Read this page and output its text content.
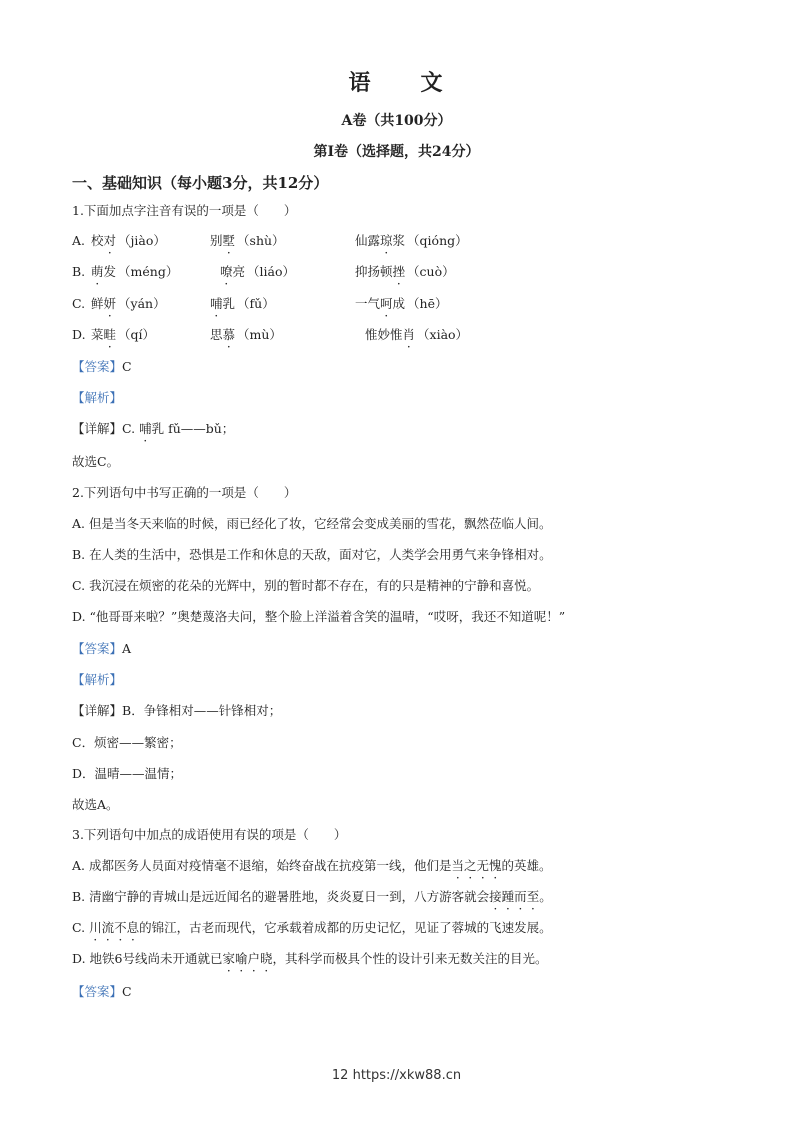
语　　文
A卷（共100分）
第Ⅰ卷（选择题，共24分）
一、基础知识（每小题3分，共12分）
1.下面加点字注音有误的一项是（　　）
A. 校对 （jiào）	别墅 （shù）	仙露琼浆 （qióng）
B. 萌发 （méng）	嘹亮 （liáo）	抑扬顿挫 （cuò）
C. 鲜妍 （yán）	哺乳 （fǔ）	一气呵成 （hē）
D. 菜畦 （qí）	思慕 （mù）	惟妙惟肖 （xiào）
【答案】C
【解析】
【详解】C. 哺乳 fǔ——bǔ；
故选C。
2.下列语句中书写正确的一项是（　　）
A. 但是当冬天来临的时候，雨已经化了妆，它经常会变成美丽的雪花，飘然莅临人间。
B. 在人类的生活中，恐惧是工作和休息的天敌，面对它，人类学会用勇气来争锋相对。
C. 我沉浸在烦密的花朵的光辉中，别的暂时都不存在，有的只是精神的宁静和喜悦。
D. “他哥哥来啦？”奥楚蔑洛夫问，整个脸上洋溢着含笑的温晴，“哎呀，我还不知道呢！”
【答案】A
【解析】
【详解】B．争锋相对——针锋相对；
C．烦密——繁密；
D．温晴——温情；
故选A。
3.下列语句中加点的成语使用有误的项是（　　）
A. 成都医务人员面对疫情毫不退缩，始终奋战在抗疫第一线，他们是当之无愧的英雄。
B. 清幽宁静的青城山是远近闻名的避暑胜地，炎炎夏日一到，八方游客就会接踵而至。
C. 川流不息的锦江，古老而现代，它承载着成都的历史记忆，见证了蓉城的飞速发展。
D. 地铁6号线尚未开通就已家喻户晓，其科学而极具个性的设计引来无数关注的目光。
【答案】C
12 https://xkw88.cn
